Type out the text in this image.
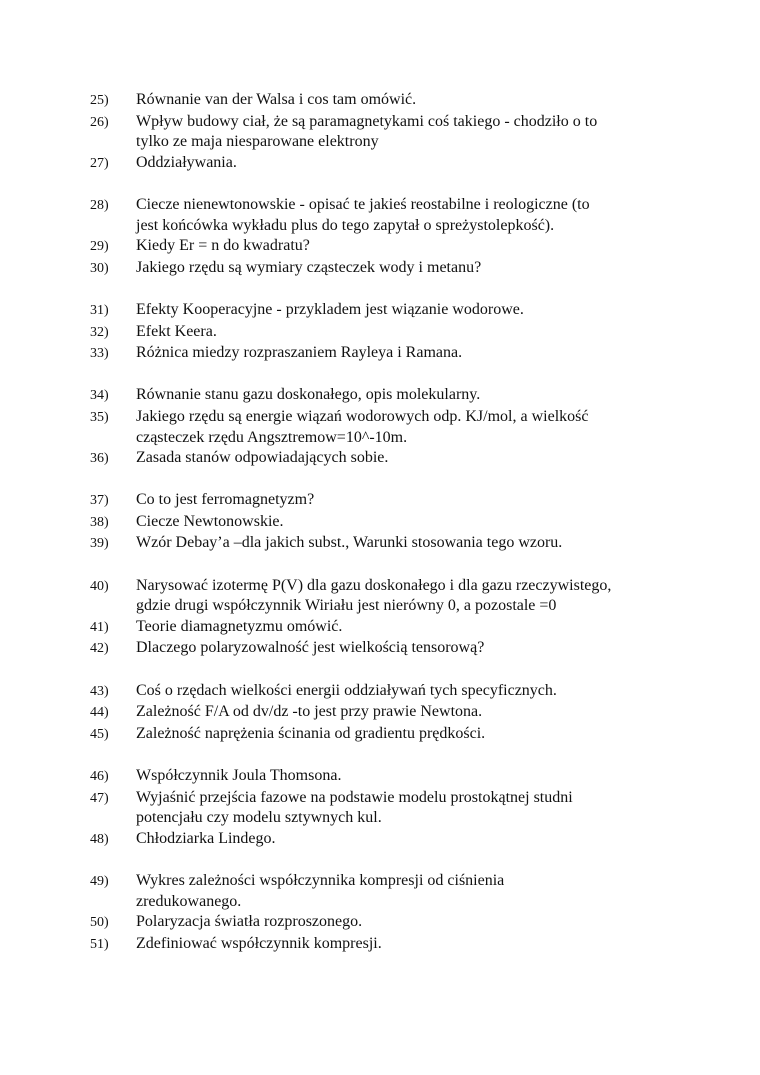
25)	Równanie van der Walsa i cos tam omówić.
26)	Wpływ budowy ciał, że są paramagnetykami coś takiego - chodziło o to
tylko ze maja niesparowane elektrony
27)	Oddziaływania.
28)	Ciecze nienewtonowskie - opisać te jakieś reostabilne i reologiczne (to
jest końcówka wykładu plus do tego zapytał o spreżystolepkość).
29)	Kiedy Er = n do kwadratu?
30)	Jakiego rzędu są wymiary cząsteczek wody i metanu?
31)	Efekty Kooperacyjne - przykladem jest wiązanie wodorowe.
32)	Efekt Keera.
33)	Różnica miedzy rozpraszaniem Rayleya i Ramana.
34)	Równanie stanu gazu doskonałego, opis molekularny.
35)	Jakiego rzędu są energie wiązań wodorowych odp. KJ/mol, a wielkość
cząsteczek rzędu Angsztremow=10^-10m.
36)	Zasada stanów odpowiadających sobie.
37)	Co to jest ferromagnetyzm?
38)	Ciecze Newtonowskie.
39)	Wzór Debay’a –dla jakich subst., Warunki stosowania tego wzoru.
40)	Narysować izotermę P(V) dla gazu doskonałego i dla gazu rzeczywistego,
gdzie drugi współczynnik Wiriału jest nierówny 0, a pozostale =0
41)	Teorie diamagnetyzmu omówić.
42)	Dlaczego polaryzowalność jest wielkością tensorową?
43)	Coś o rzędach wielkości energii oddziaływań tych specyficznych.
44)	Zależność F/A od dv/dz -to jest przy prawie Newtona.
45)	Zależność naprężenia ścinania od gradientu prędkości.
46)	Współczynnik Joula Thomsona.
47)	Wyjaśnić przejścia fazowe na podstawie modelu prostokątnej studni
potencjału czy modelu sztywnych kul.
48)	Chłodziarka Lindego.
49)	Wykres zależności współczynnika kompresji od ciśnienia
zredukowanego.
50)	Polaryzacja światła rozproszonego.
51)	Zdefiniować współczynnik kompresji.
